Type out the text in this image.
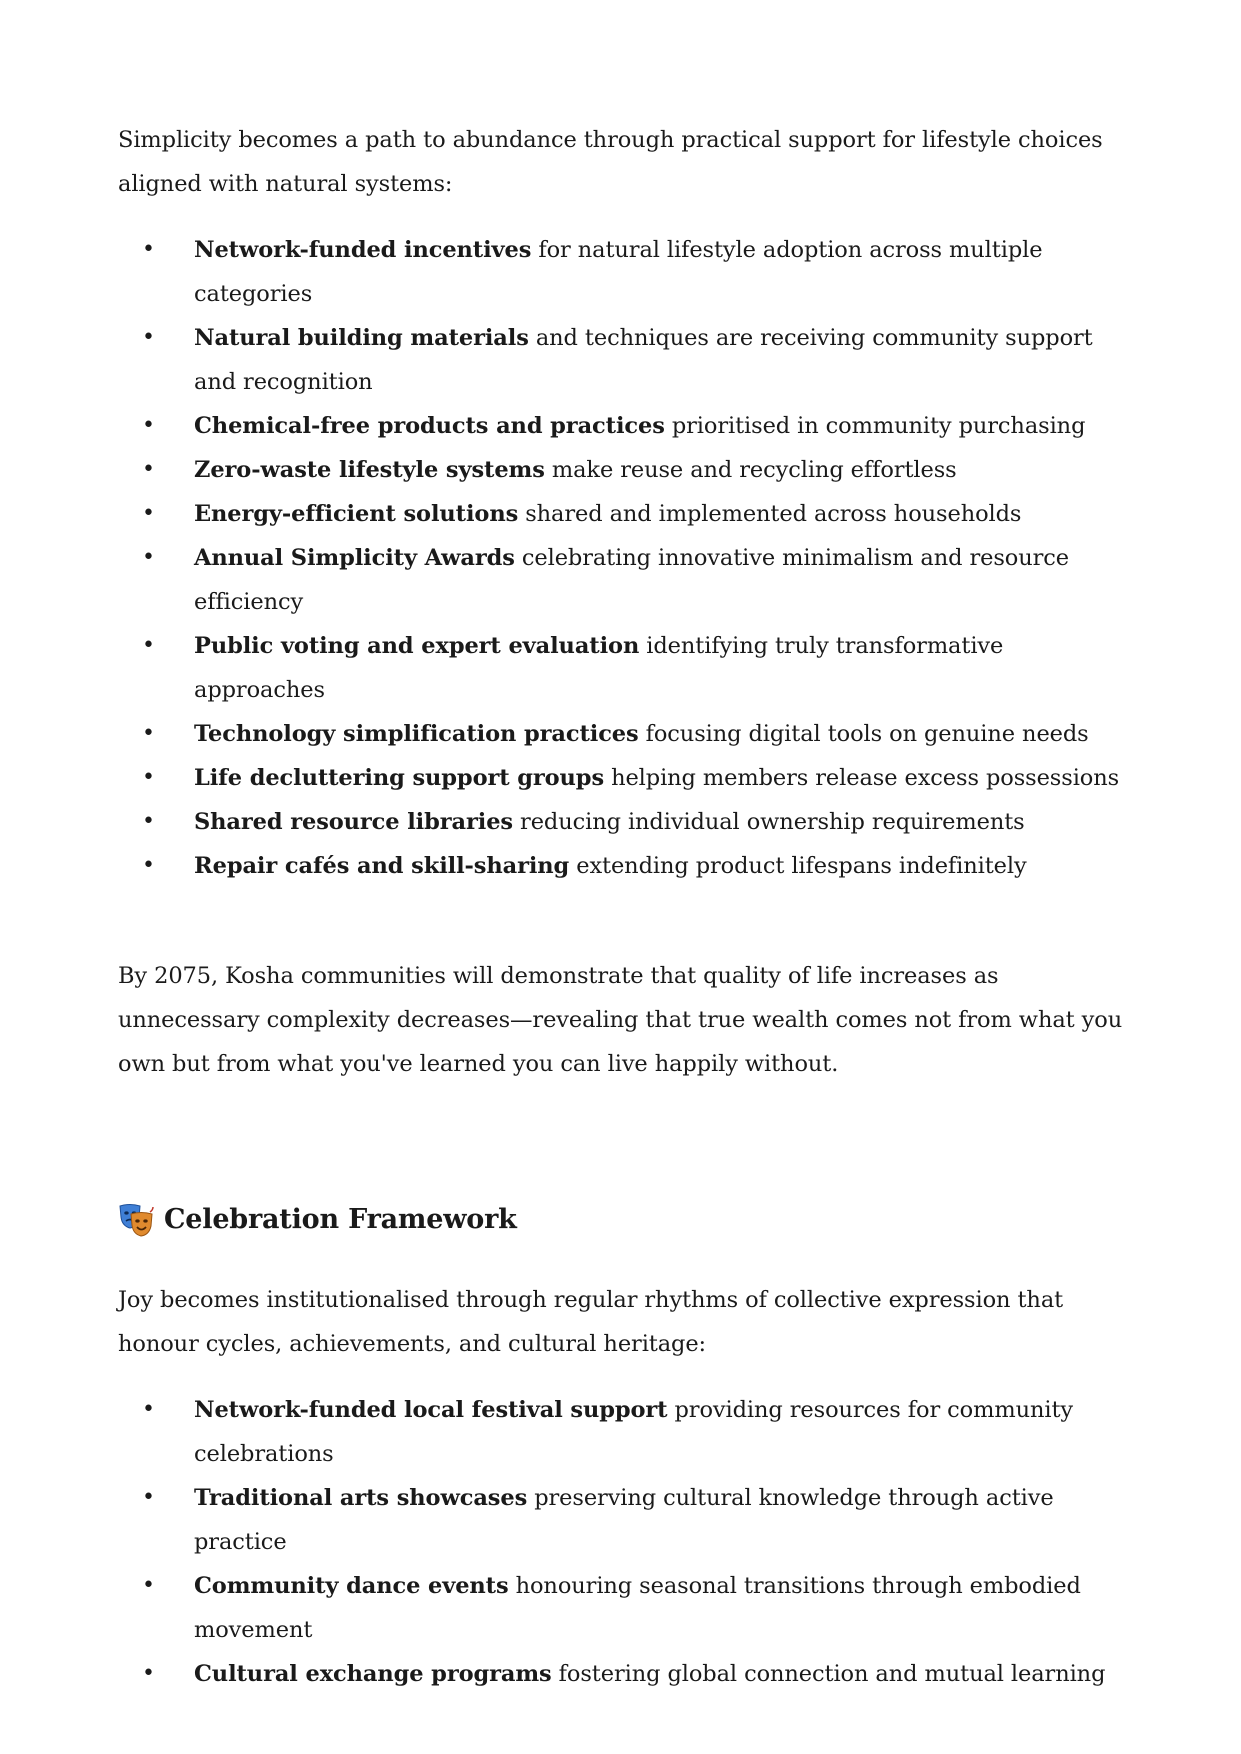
Simplicity becomes a path to abundance through practical support for lifestyle choices aligned with natural systems:

• Network-funded incentives for natural lifestyle adoption across multiple categories
• Natural building materials and techniques are receiving community support and recognition
• Chemical-free products and practices prioritised in community purchasing
• Zero-waste lifestyle systems make reuse and recycling effortless
• Energy-efficient solutions shared and implemented across households
• Annual Simplicity Awards celebrating innovative minimalism and resource efficiency
• Public voting and expert evaluation identifying truly transformative approaches
• Technology simplification practices focusing digital tools on genuine needs
• Life decluttering support groups helping members release excess possessions
• Shared resource libraries reducing individual ownership requirements
• Repair cafés and skill-sharing extending product lifespans indefinitely

By 2075, Kosha communities will demonstrate that quality of life increases as unnecessary complexity decreases—revealing that true wealth comes not from what you own but from what you've learned you can live happily without.

Celebration Framework

Joy becomes institutionalised through regular rhythms of collective expression that honour cycles, achievements, and cultural heritage:

• Network-funded local festival support providing resources for community celebrations
• Traditional arts showcases preserving cultural knowledge through active practice
• Community dance events honouring seasonal transitions through embodied movement
• Cultural exchange programs fostering global connection and mutual learning
